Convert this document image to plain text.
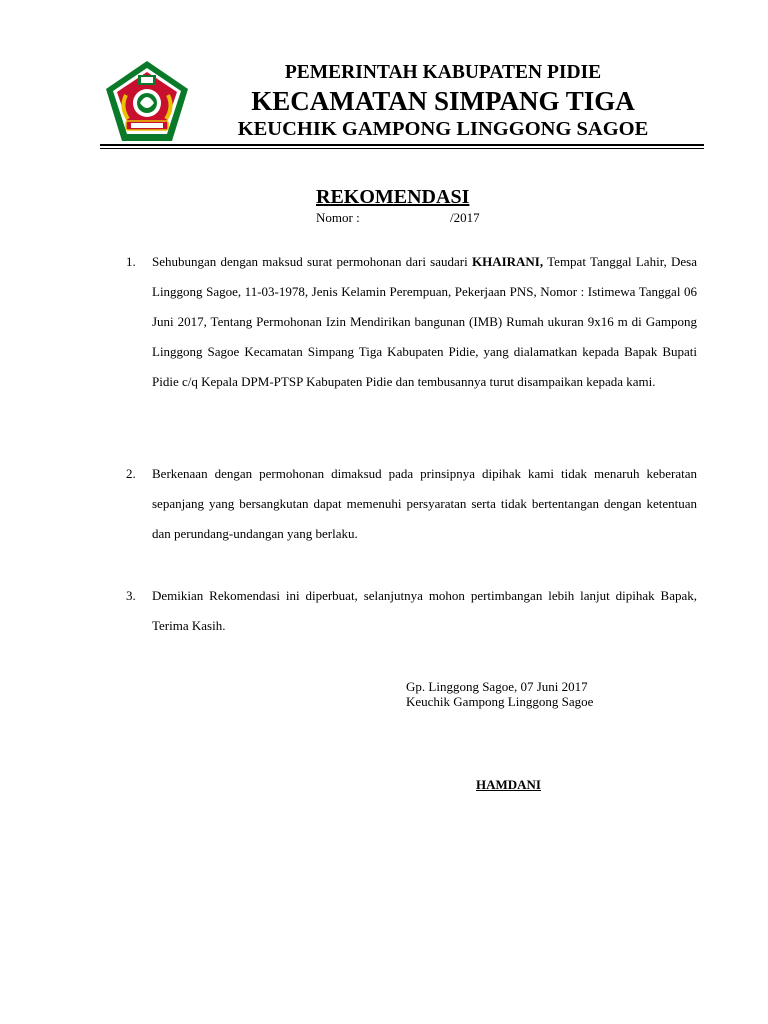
PEMERINTAH KABUPATEN PIDIE
KECAMATAN SIMPANG TIGA
KEUCHIK GAMPONG LINGGONG SAGOE
REKOMENDASI
Nomor :	/2017
1. Sehubungan dengan maksud surat permohonan dari saudari KHAIRANI, Tempat Tanggal Lahir, Desa Linggong Sagoe, 11-03-1978, Jenis Kelamin Perempuan, Pekerjaan PNS, Nomor : Istimewa Tanggal 06 Juni 2017, Tentang Permohonan Izin Mendirikan bangunan (IMB) Rumah ukuran 9x16 m di Gampong Linggong Sagoe Kecamatan Simpang Tiga Kabupaten Pidie, yang dialamatkan kepada Bapak Bupati Pidie c/q Kepala DPM-PTSP Kabupaten Pidie dan tembusannya turut disampaikan kepada kami.

2. Berkenaan dengan permohonan dimaksud pada prinsipnya dipihak kami tidak menaruh keberatan sepanjang yang bersangkutan dapat memenuhi persyaratan serta tidak bertentangan dengan ketentuan dan perundang-undangan yang berlaku.

3. Demikian Rekomendasi ini diperbuat, selanjutnya mohon pertimbangan lebih lanjut dipihak Bapak, Terima Kasih.

Gp. Linggong Sagoe, 07 Juni 2017
Keuchik Gampong Linggong Sagoe
HAMDANI
